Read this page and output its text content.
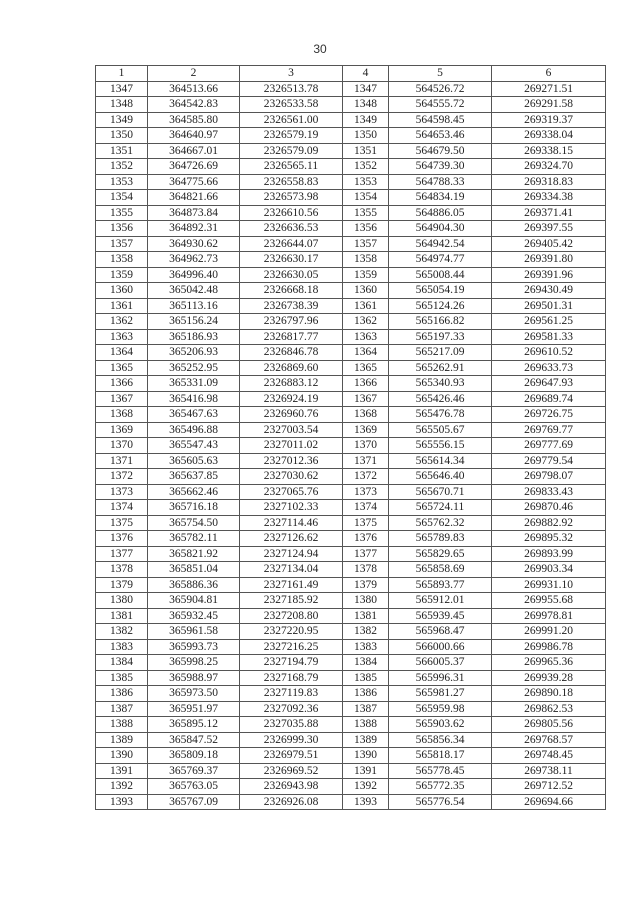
30
1	2	3	4	5	6
1347	364513.66	2326513.78	1347	564526.72	269271.51
1348	364542.83	2326533.58	1348	564555.72	269291.58
1349	364585.80	2326561.00	1349	564598.45	269319.37
1350	364640.97	2326579.19	1350	564653.46	269338.04
1351	364667.01	2326579.09	1351	564679.50	269338.15
1352	364726.69	2326565.11	1352	564739.30	269324.70
1353	364775.66	2326558.83	1353	564788.33	269318.83
1354	364821.66	2326573.98	1354	564834.19	269334.38
1355	364873.84	2326610.56	1355	564886.05	269371.41
1356	364892.31	2326636.53	1356	564904.30	269397.55
1357	364930.62	2326644.07	1357	564942.54	269405.42
1358	364962.73	2326630.17	1358	564974.77	269391.80
1359	364996.40	2326630.05	1359	565008.44	269391.96
1360	365042.48	2326668.18	1360	565054.19	269430.49
1361	365113.16	2326738.39	1361	565124.26	269501.31
1362	365156.24	2326797.96	1362	565166.82	269561.25
1363	365186.93	2326817.77	1363	565197.33	269581.33
1364	365206.93	2326846.78	1364	565217.09	269610.52
1365	365252.95	2326869.60	1365	565262.91	269633.73
1366	365331.09	2326883.12	1366	565340.93	269647.93
1367	365416.98	2326924.19	1367	565426.46	269689.74
1368	365467.63	2326960.76	1368	565476.78	269726.75
1369	365496.88	2327003.54	1369	565505.67	269769.77
1370	365547.43	2327011.02	1370	565556.15	269777.69
1371	365605.63	2327012.36	1371	565614.34	269779.54
1372	365637.85	2327030.62	1372	565646.40	269798.07
1373	365662.46	2327065.76	1373	565670.71	269833.43
1374	365716.18	2327102.33	1374	565724.11	269870.46
1375	365754.50	2327114.46	1375	565762.32	269882.92
1376	365782.11	2327126.62	1376	565789.83	269895.32
1377	365821.92	2327124.94	1377	565829.65	269893.99
1378	365851.04	2327134.04	1378	565858.69	269903.34
1379	365886.36	2327161.49	1379	565893.77	269931.10
1380	365904.81	2327185.92	1380	565912.01	269955.68
1381	365932.45	2327208.80	1381	565939.45	269978.81
1382	365961.58	2327220.95	1382	565968.47	269991.20
1383	365993.73	2327216.25	1383	566000.66	269986.78
1384	365998.25	2327194.79	1384	566005.37	269965.36
1385	365988.97	2327168.79	1385	565996.31	269939.28
1386	365973.50	2327119.83	1386	565981.27	269890.18
1387	365951.97	2327092.36	1387	565959.98	269862.53
1388	365895.12	2327035.88	1388	565903.62	269805.56
1389	365847.52	2326999.30	1389	565856.34	269768.57
1390	365809.18	2326979.51	1390	565818.17	269748.45
1391	365769.37	2326969.52	1391	565778.45	269738.11
1392	365763.05	2326943.98	1392	565772.35	269712.52
1393	365767.09	2326926.08	1393	565776.54	269694.66
